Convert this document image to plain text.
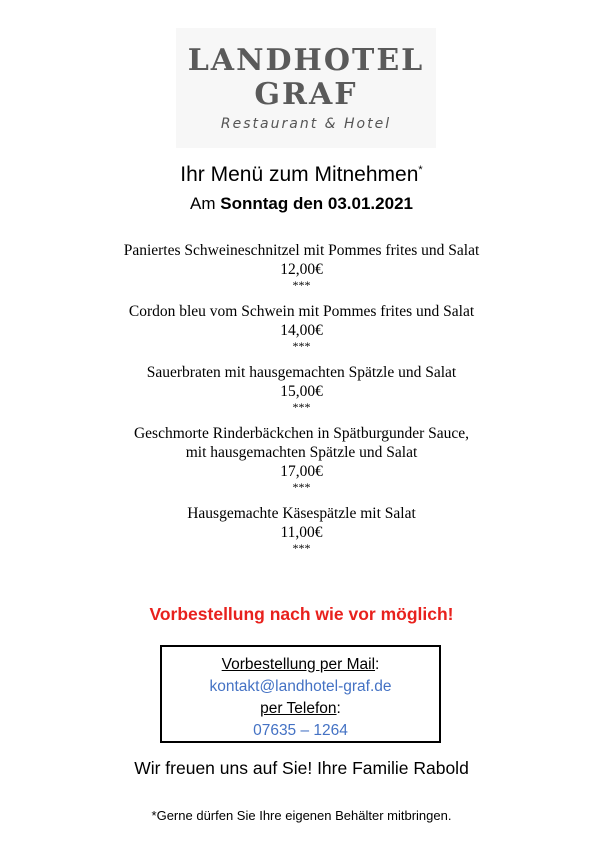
LANDHOTEL
GRAF
Restaurant & Hotel
Ihr Menü zum Mitnehmen*
Am Sonntag den 03.01.2021
Paniertes Schweineschnitzel mit Pommes frites und Salat
12,00€
***
Cordon bleu vom Schwein mit Pommes frites und Salat
14,00€
***
Sauerbraten mit hausgemachten Spätzle und Salat
15,00€
***
Geschmorte Rinderbäckchen in Spätburgunder Sauce,
mit hausgemachten Spätzle und Salat
17,00€
***
Hausgemachte Käsespätzle mit Salat
11,00€
***
Vorbestellung nach wie vor möglich!
Vorbestellung per Mail:
kontakt@landhotel-graf.de
per Telefon:
07635 – 1264
Wir freuen uns auf Sie! Ihre Familie Rabold
*Gerne dürfen Sie Ihre eigenen Behälter mitbringen.
